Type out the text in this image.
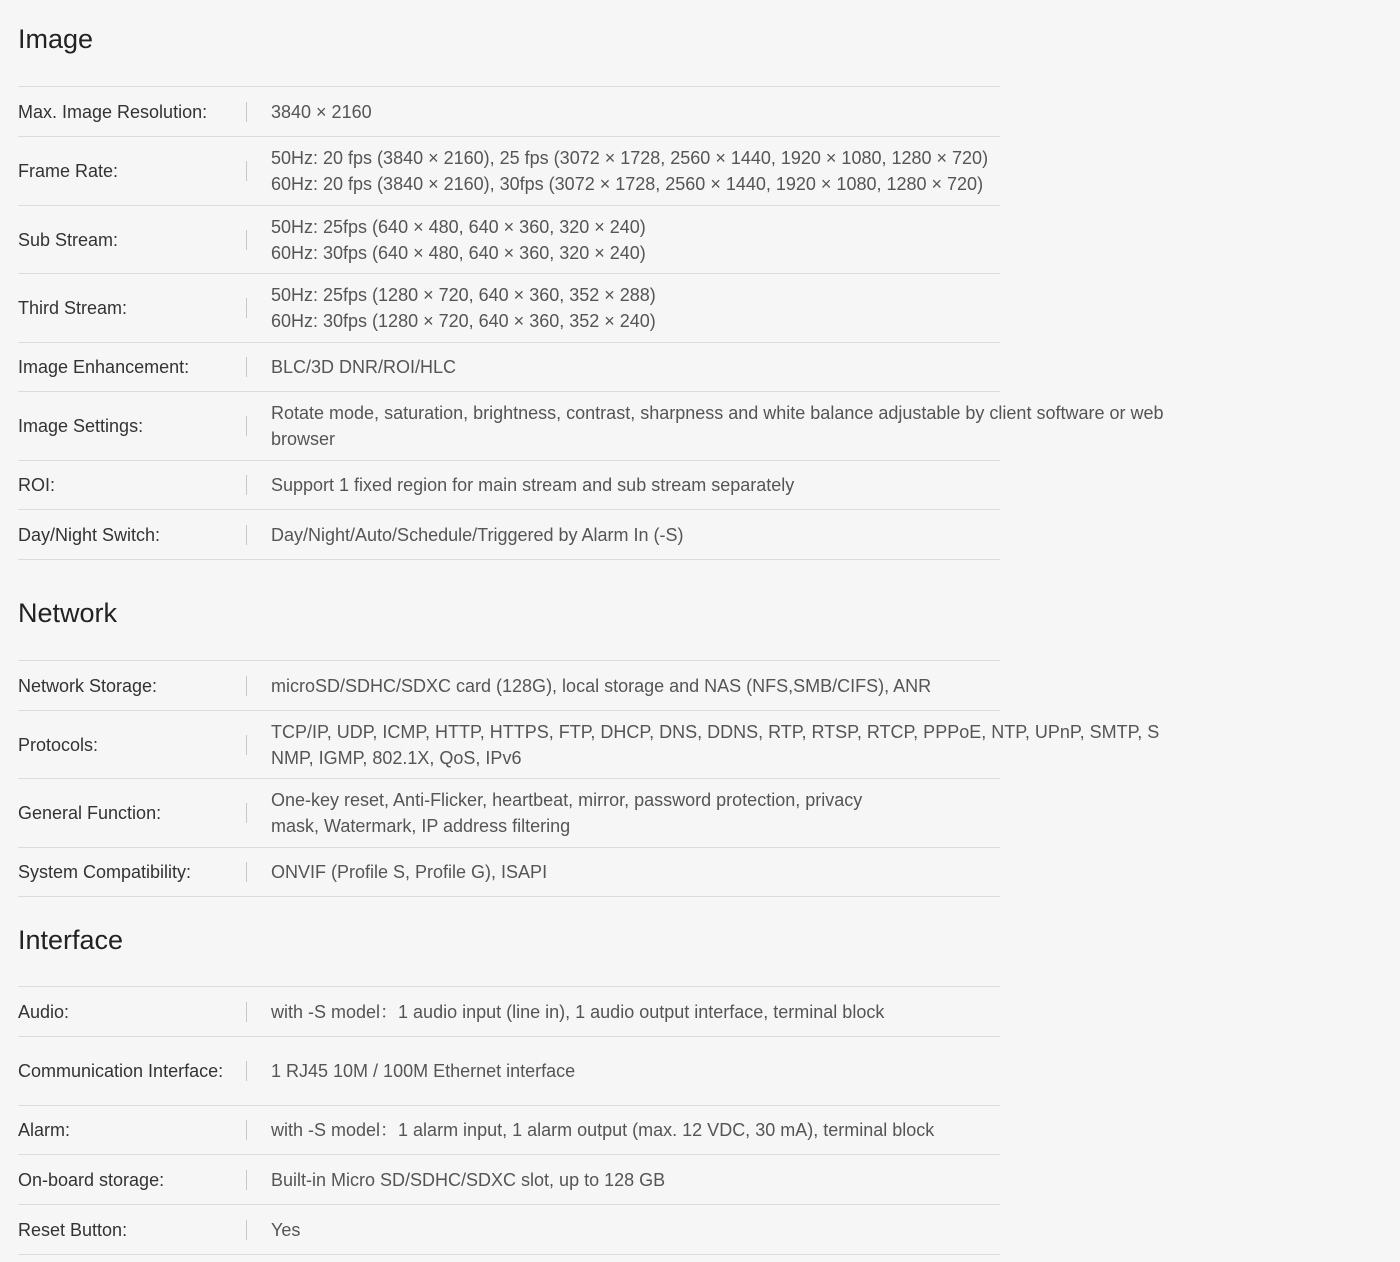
Image
Max. Image Resolution:	3840 × 2160
Frame Rate:
50Hz: 20 fps (3840 × 2160), 25 fps (3072 × 1728, 2560 × 1440, 1920 × 1080, 1280 × 720)
60Hz: 20 fps (3840 × 2160), 30fps (3072 × 1728, 2560 × 1440, 1920 × 1080, 1280 × 720)
Sub Stream:
50Hz: 25fps (640 × 480, 640 × 360, 320 × 240)
60Hz: 30fps (640 × 480, 640 × 360, 320 × 240)
Third Stream:
50Hz: 25fps (1280 × 720, 640 × 360, 352 × 288)
60Hz: 30fps (1280 × 720, 640 × 360, 352 × 240)
Image Enhancement:	BLC/3D DNR/ROI/HLC
Image Settings:
Rotate mode, saturation, brightness, contrast, sharpness and white balance adjustable by client software or web
browser
ROI:	Support 1 fixed region for main stream and sub stream separately
Day/Night Switch:	Day/Night/Auto/Schedule/Triggered by Alarm In (-S)
Network
Network Storage:	microSD/SDHC/SDXC card (128G), local storage and NAS (NFS,SMB/CIFS), ANR
Protocols:
TCP/IP, UDP, ICMP, HTTP, HTTPS, FTP, DHCP, DNS, DDNS, RTP, RTSP, RTCP, PPPoE, NTP, UPnP, SMTP, S
NMP, IGMP, 802.1X, QoS, IPv6
General Function:
One-key reset, Anti-Flicker, heartbeat, mirror, password protection, privacy
mask, Watermark, IP address filtering
System Compatibility:	ONVIF (Profile S, Profile G), ISAPI
Interface
Audio:	with -S model：1 audio input (line in), 1 audio output interface, terminal block
Communication Interface:	1 RJ45 10M / 100M Ethernet interface
Alarm:	with -S model：1 alarm input, 1 alarm output (max. 12 VDC, 30 mA), terminal block
On-board storage:	Built-in Micro SD/SDHC/SDXC slot, up to 128 GB
Reset Button:	Yes
